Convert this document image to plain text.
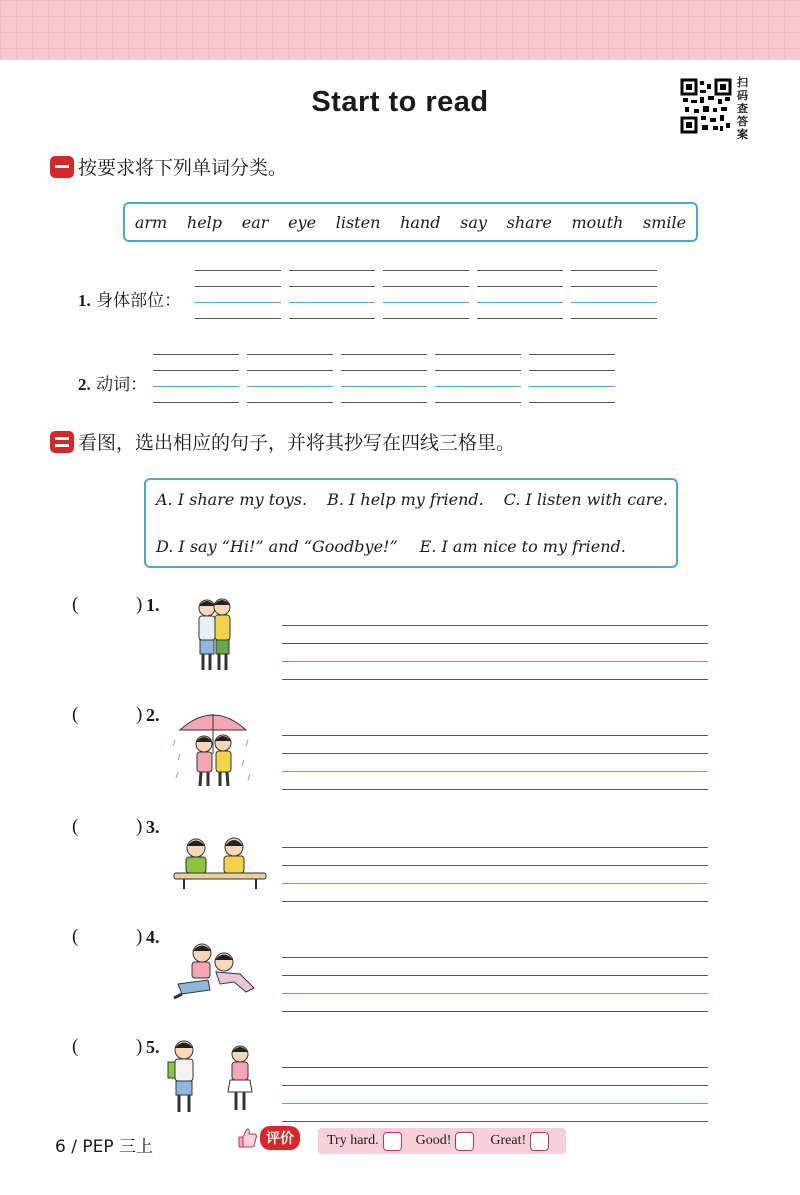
Start to read
扫
码
查
答
案
按要求将下列单词分类。
arm help ear eye listen hand say share mouth smile
1. 身体部位：
2. 动词：
看图，选出相应的句子，并将其抄写在四线三格里。
A. I share my toys. B. I help my friend. C. I listen with care.
D. I say “Hi!” and “Goodbye!” E. I am nice to my friend.
(	) 1.
(	) 2.
(	) 3.
(	) 4.
(	) 5.
6 / PEP 三上	评价	Try hard.	Good!	Great!
